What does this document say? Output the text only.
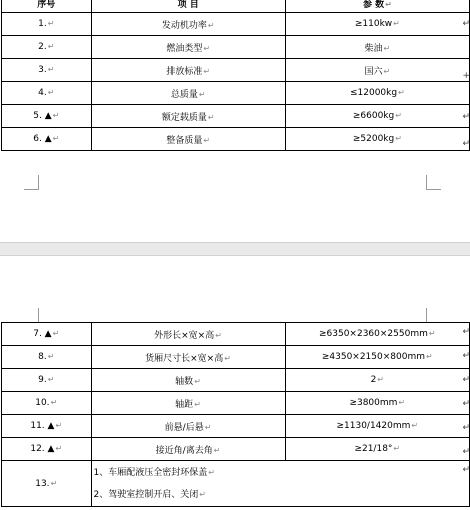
序号	项 目	参 数↵
1.↵	发动机功率↵	≥110kw↵
2.↵	燃油类型↵	柴油↵
3.↵	排放标准↵	国六↵
4.↵	总质量↵	≤12000kg↵
5. ▲↵	额定载质量↵	≥6600kg↵
6. ▲↵	整备质量↵	≥5200kg↵
↵
+
↵
↵
7. ▲↵	外形长×宽×高↵	≥6350×2360×2550mm↵
8.↵	货厢尺寸长×宽×高↵	≥4350×2150×800mm↵
9.↵	轴数↵	2↵
10.↵	轴距↵	≥3800mm↵
11. ▲↵	前悬/后悬↵	≥1130/1420mm↵
12. ▲↵	接近角/离去角↵	≥21/18°↵
13.↵	1、车厢配液压全密封环保盖↵
2、驾驶室控制开启、关闭↵	
↵
↵
↵
↵
↵
↵
↵
